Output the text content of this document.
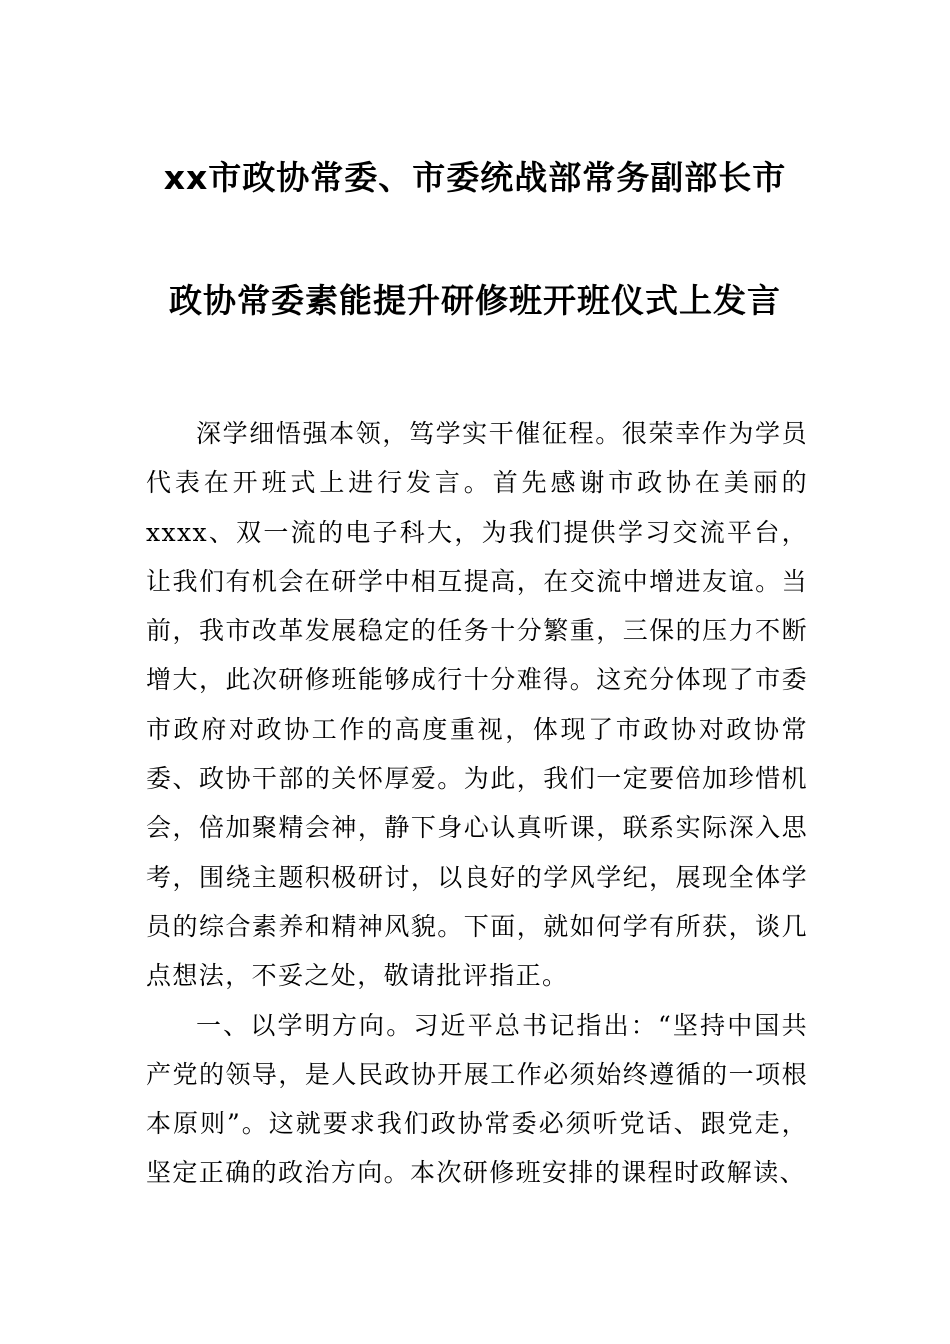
xx市政协常委、市委统战部常务副部长市
政协常委素能提升研修班开班仪式上发言

深学细悟强本领，笃学实干催征程。很荣幸作为学员代表在开班式上进行发言。首先感谢市政协在美丽的xxxx、双一流的电子科大，为我们提供学习交流平台，让我们有机会在研学中相互提高，在交流中增进友谊。当前，我市改革发展稳定的任务十分繁重，三保的压力不断增大，此次研修班能够成行十分难得。这充分体现了市委市政府对政协工作的高度重视，体现了市政协对政协常委、政协干部的关怀厚爱。为此，我们一定要倍加珍惜机会，倍加聚精会神，静下身心认真听课，联系实际深入思考，围绕主题积极研讨，以良好的学风学纪，展现全体学员的综合素养和精神风貌。下面，就如何学有所获，谈几点想法，不妥之处，敬请批评指正。

一、以学明方向。习近平总书记指出：“坚持中国共产党的领导，是人民政协开展工作必须始终遵循的一项根本原则”。这就要求我们政协常委必须听党话、跟党走，坚定正确的政治方向。本次研修班安排的课程时政解读、
